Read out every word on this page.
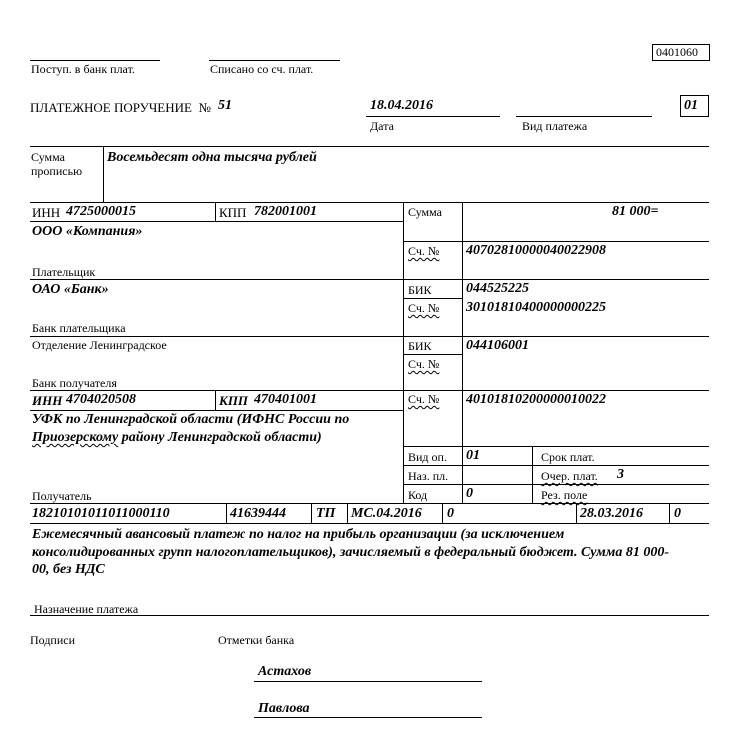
0401060
Поступ. в банк плат.	Списано со сч. плат.
ПЛАТЕЖНОЕ ПОРУЧЕНИЕ  № 51	18.04.2016
Дата	Вид платежа
01
Сумма
прописью
Восемьдесят одна тысяча рублей
ИНН 4725000015	КПП 782001001
ООО «Компания»
Плательщик
Сумма	81 000=
Сч. № 40702810000040022908
ОАО «Банк»
Банк плательщика
БИК 044525225
Сч. № 30101810400000000225
Отделение Ленинградское
Банк получателя
БИК 044106001
Сч. №
ИНН 4704020508	КПП 470401001	Сч. № 40101810200000010022
УФК по Ленинградской области (ИФНС России по
Приозерскому району Ленинградской области)
Получатель
Вид оп. 01	Срок плат.
Наз. пл.	Очер. плат. 3
Код	0	Рез. поле
18210101011011000110	41639444 ТП МС.04.2016 0	28.03.2016 0
Ежемесячный авансовый платеж по налог на прибыль организации (за исключением консолидированных групп налогоплательщиков), зачисляемый в федеральный бюджет. Сумма 81 000-00, без НДС
Назначение платежа
Подписи	Отметки банка
Астахов
Павлова
